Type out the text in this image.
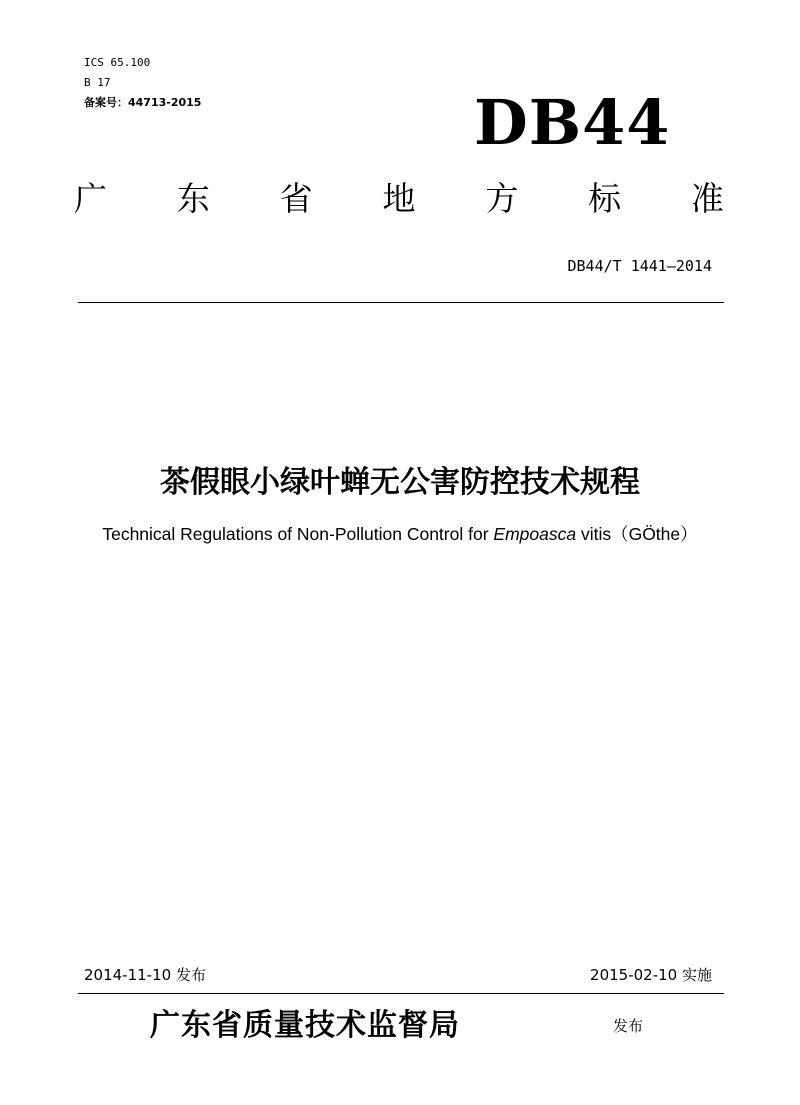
ICS 65.100
B 17
备案号：44713-2015	DB44
广 东 省 地 方 标 准
DB44/T 1441—2014
茶假眼小绿叶蝉无公害防控技术规程
Technical Regulations of Non-Pollution Control for Empoasca vitis（GÖthe）
2014-11-10 发布	2015-02-10 实施
广东省质量技术监督局	发布
